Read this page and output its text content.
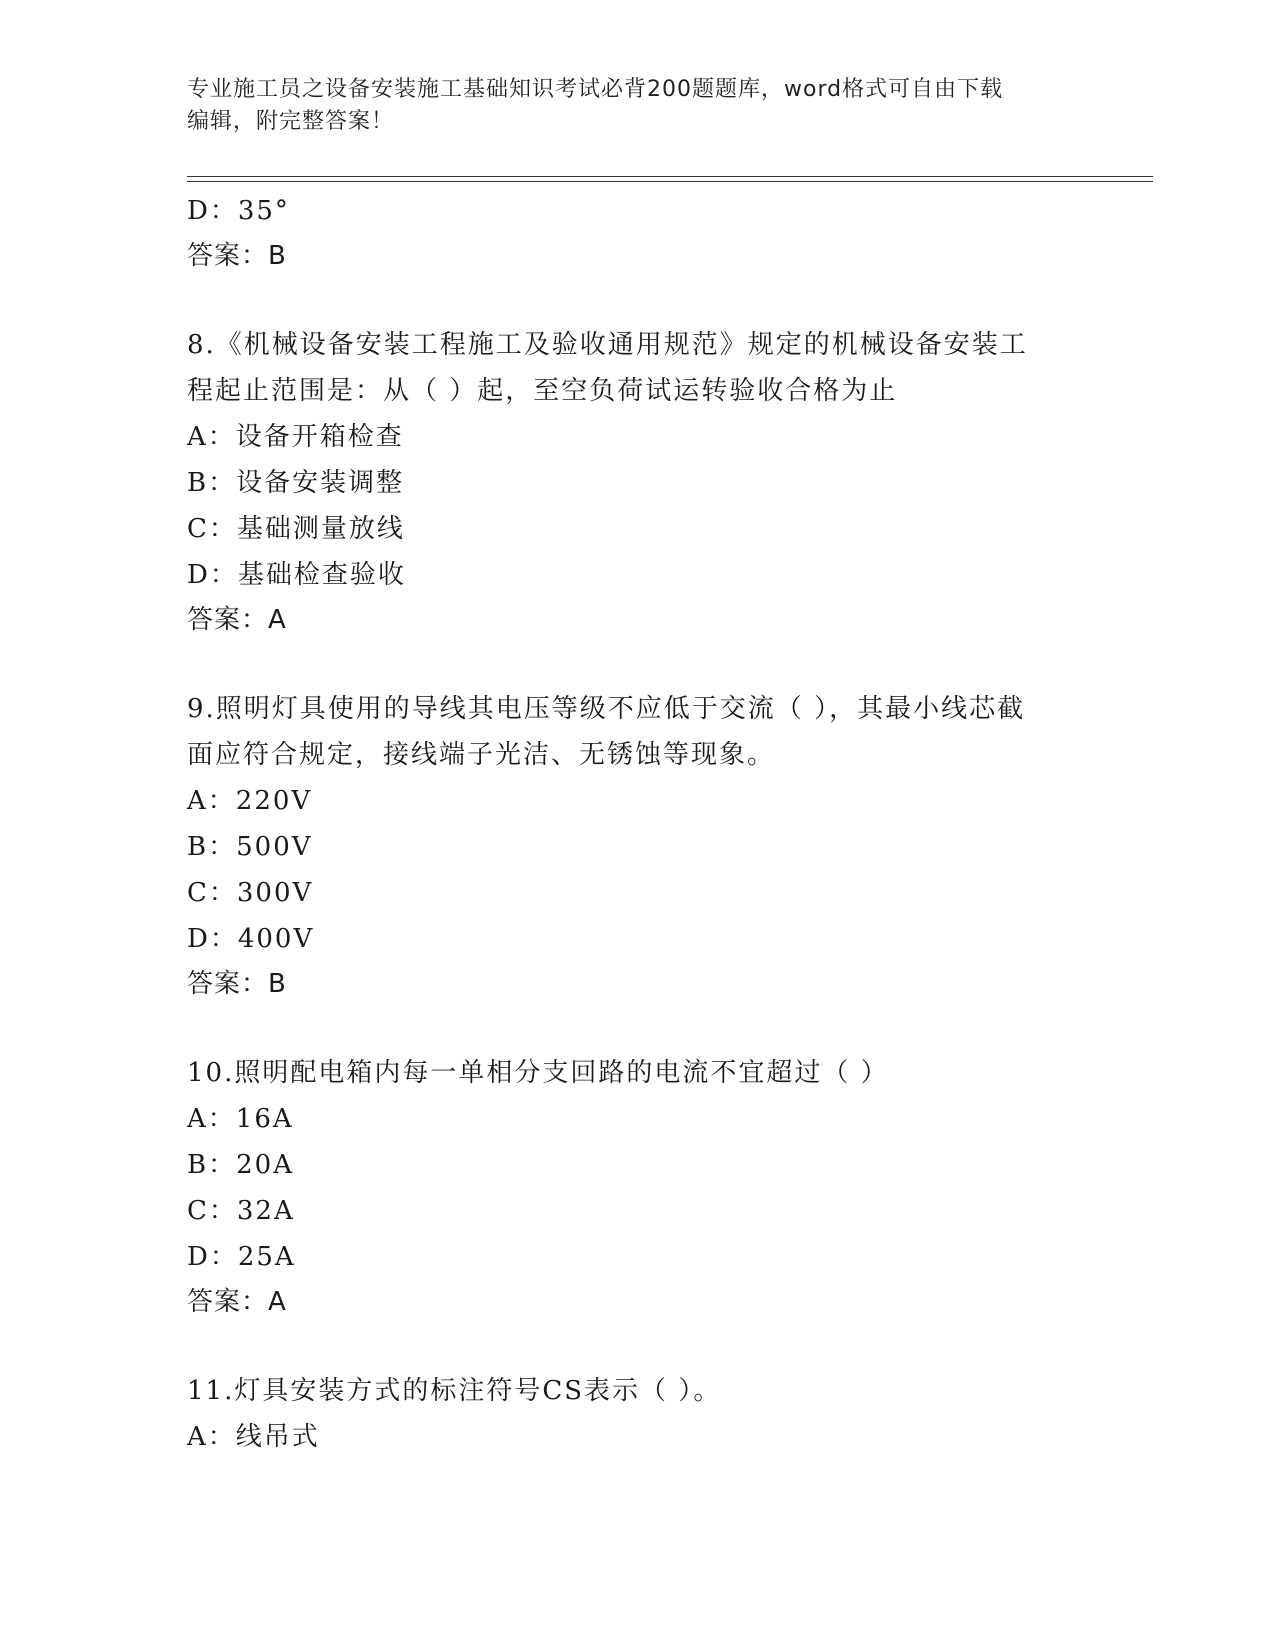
专业施工员之设备安装施工基础知识考试必背200题题库，word格式可自由下载
编辑，附完整答案！
D：35°
答案：B
8.《机械设备安装工程施工及验收通用规范》规定的机械设备安装工
程起止范围是：从（ ）起，至空负荷试运转验收合格为止
A：设备开箱检查
B：设备安装调整
C：基础测量放线
D：基础检查验收
答案：A
9.照明灯具使用的导线其电压等级不应低于交流（ ），其最小线芯截
面应符合规定，接线端子光洁、无锈蚀等现象。
A：220V
B：500V
C：300V
D：400V
答案：B
10.照明配电箱内每一单相分支回路的电流不宜超过（ ）
A：16A
B：20A
C：32A
D：25A
答案：A
11.灯具安装方式的标注符号CS表示（ ）。
A：线吊式
